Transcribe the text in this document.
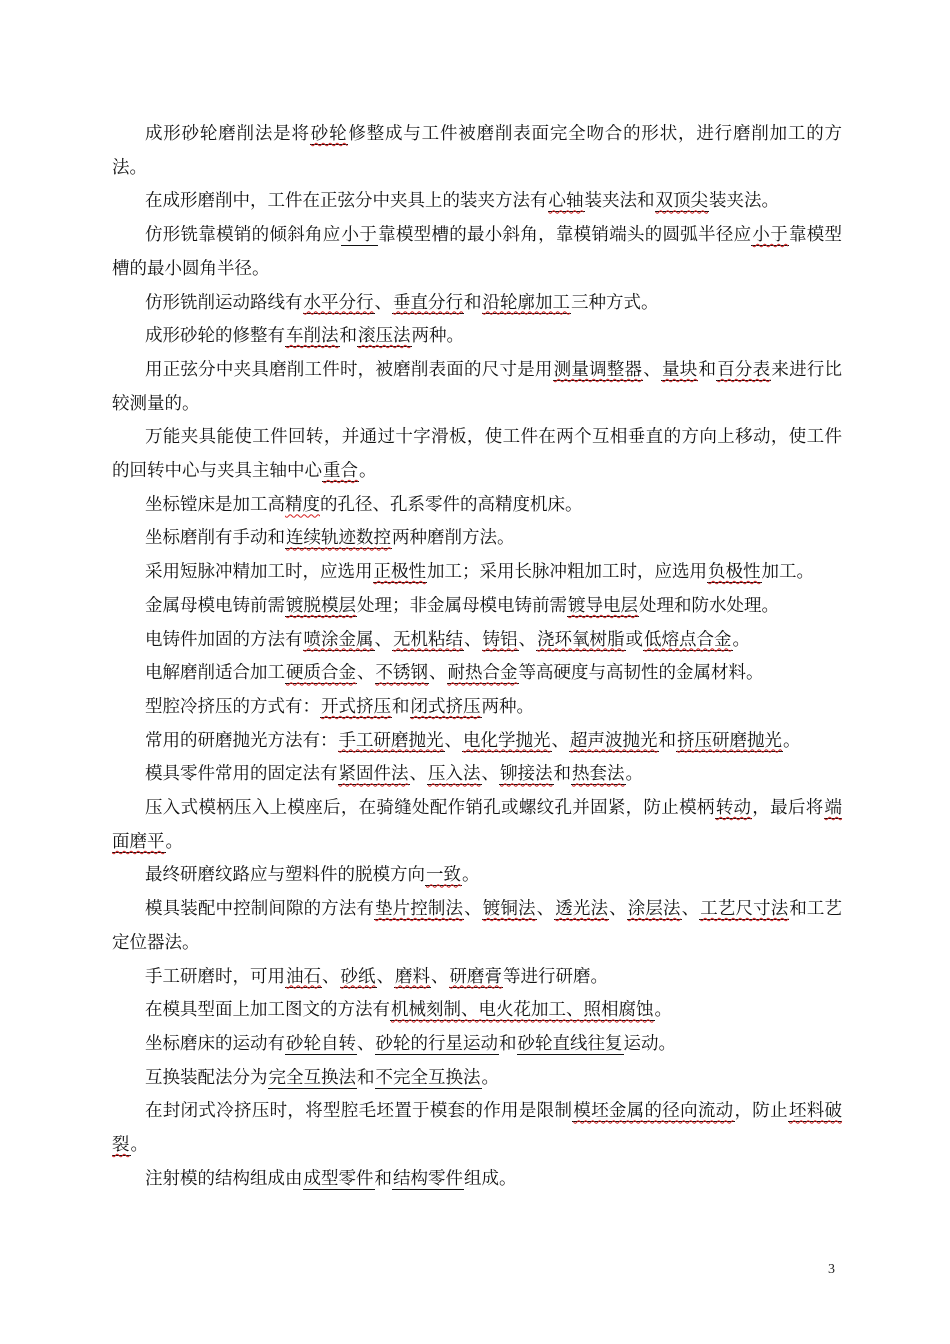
成形砂轮磨削法是将砂轮修整成与工件被磨削表面完全吻合的形状，进行磨削加工的方法。

在成形磨削中，工件在正弦分中夹具上的装夹方法有心轴装夹法和双顶尖装夹法。

仿形铣靠模销的倾斜角应小于靠模型槽的最小斜角，靠模销端头的圆弧半径应小于靠模型槽的最小圆角半径。

仿形铣削运动路线有水平分行、垂直分行和沿轮廓加工三种方式。

成形砂轮的修整有车削法和滚压法两种。

用正弦分中夹具磨削工件时，被磨削表面的尺寸是用测量调整器、量块和百分表来进行比较测量的。

万能夹具能使工件回转，并通过十字滑板，使工件在两个互相垂直的方向上移动，使工件的回转中心与夹具主轴中心重合。

坐标镗床是加工高精度的孔径、孔系零件的高精度机床。

坐标磨削有手动和连续轨迹数控两种磨削方法。

采用短脉冲精加工时，应选用正极性加工；采用长脉冲粗加工时，应选用负极性加工。

金属母模电铸前需镀脱模层处理；非金属母模电铸前需镀导电层处理和防水处理。

电铸件加固的方法有喷涂金属、无机粘结、铸铝、浇环氧树脂或低熔点合金。

电解磨削适合加工硬质合金、不锈钢、耐热合金等高硬度与高韧性的金属材料。

型腔冷挤压的方式有：开式挤压和闭式挤压两种。

常用的研磨抛光方法有：手工研磨抛光、电化学抛光、超声波抛光和挤压研磨抛光。

模具零件常用的固定法有紧固件法、压入法、铆接法和热套法。

压入式模柄压入上模座后，在骑缝处配作销孔或螺纹孔并固紧，防止模柄转动，最后将端面磨平。

最终研磨纹路应与塑料件的脱模方向一致。

模具装配中控制间隙的方法有垫片控制法、镀铜法、透光法、涂层法、工艺尺寸法和工艺定位器法。

手工研磨时，可用油石、砂纸、磨料、研磨膏等进行研磨。

在模具型面上加工图文的方法有机械刻制、电火花加工、照相腐蚀。

坐标磨床的运动有砂轮自转、砂轮的行星运动和砂轮直线往复运动。

互换装配法分为完全互换法和不完全互换法。

在封闭式冷挤压时，将型腔毛坯置于模套的作用是限制模坯金属的径向流动，防止坯料破裂。

注射模的结构组成由成型零件和结构零件组成。

3
